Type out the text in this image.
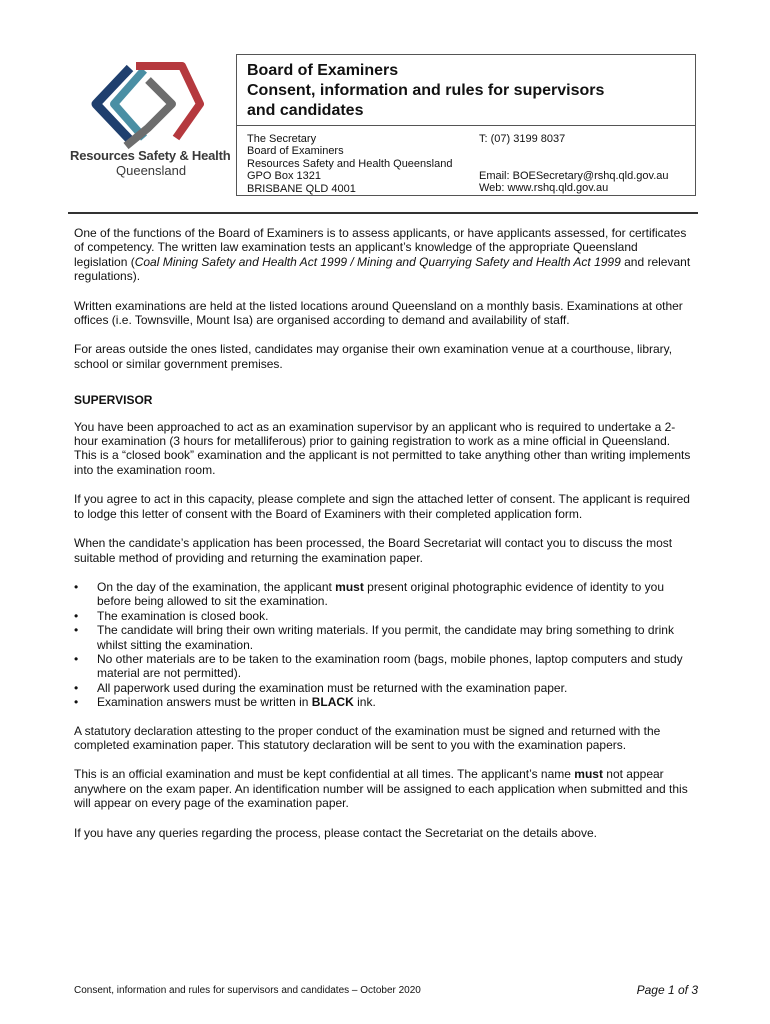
Resources Safety & Health
Queensland
Board of Examiners
Consent, information and rules for supervisors
and candidates
The Secretary
Board of Examiners
Resources Safety and Health Queensland
GPO Box 1321
BRISBANE QLD 4001
T: (07) 3199 8037
Email: BOESecretary@rshq.qld.gov.au
Web: www.rshq.qld.gov.au

One of the functions of the Board of Examiners is to assess applicants, or have applicants assessed, for certificates of competency. The written law examination tests an applicant’s knowledge of the appropriate Queensland legislation (Coal Mining Safety and Health Act 1999 / Mining and Quarrying Safety and Health Act 1999 and relevant regulations).

Written examinations are held at the listed locations around Queensland on a monthly basis. Examinations at other offices (i.e. Townsville, Mount Isa) are organised according to demand and availability of staff.

For areas outside the ones listed, candidates may organise their own examination venue at a courthouse, library, school or similar government premises.

SUPERVISOR

You have been approached to act as an examination supervisor by an applicant who is required to undertake a 2-hour examination (3 hours for metalliferous) prior to gaining registration to work as a mine official in Queensland. This is a “closed book” examination and the applicant is not permitted to take anything other than writing implements into the examination room.

If you agree to act in this capacity, please complete and sign the attached letter of consent. The applicant is required to lodge this letter of consent with the Board of Examiners with their completed application form.

When the candidate’s application has been processed, the Board Secretariat will contact you to discuss the most suitable method of providing and returning the examination paper.

• On the day of the examination, the applicant must present original photographic evidence of identity to you before being allowed to sit the examination.
• The examination is closed book.
• The candidate will bring their own writing materials. If you permit, the candidate may bring something to drink whilst sitting the examination.
• No other materials are to be taken to the examination room (bags, mobile phones, laptop computers and study material are not permitted).
• All paperwork used during the examination must be returned with the examination paper.
• Examination answers must be written in BLACK ink.

A statutory declaration attesting to the proper conduct of the examination must be signed and returned with the completed examination paper. This statutory declaration will be sent to you with the examination papers.

This is an official examination and must be kept confidential at all times. The applicant’s name must not appear anywhere on the exam paper. An identification number will be assigned to each application when submitted and this will appear on every page of the examination paper.

If you have any queries regarding the process, please contact the Secretariat on the details above.

Consent, information and rules for supervisors and candidates – October 2020	Page 1 of 3
